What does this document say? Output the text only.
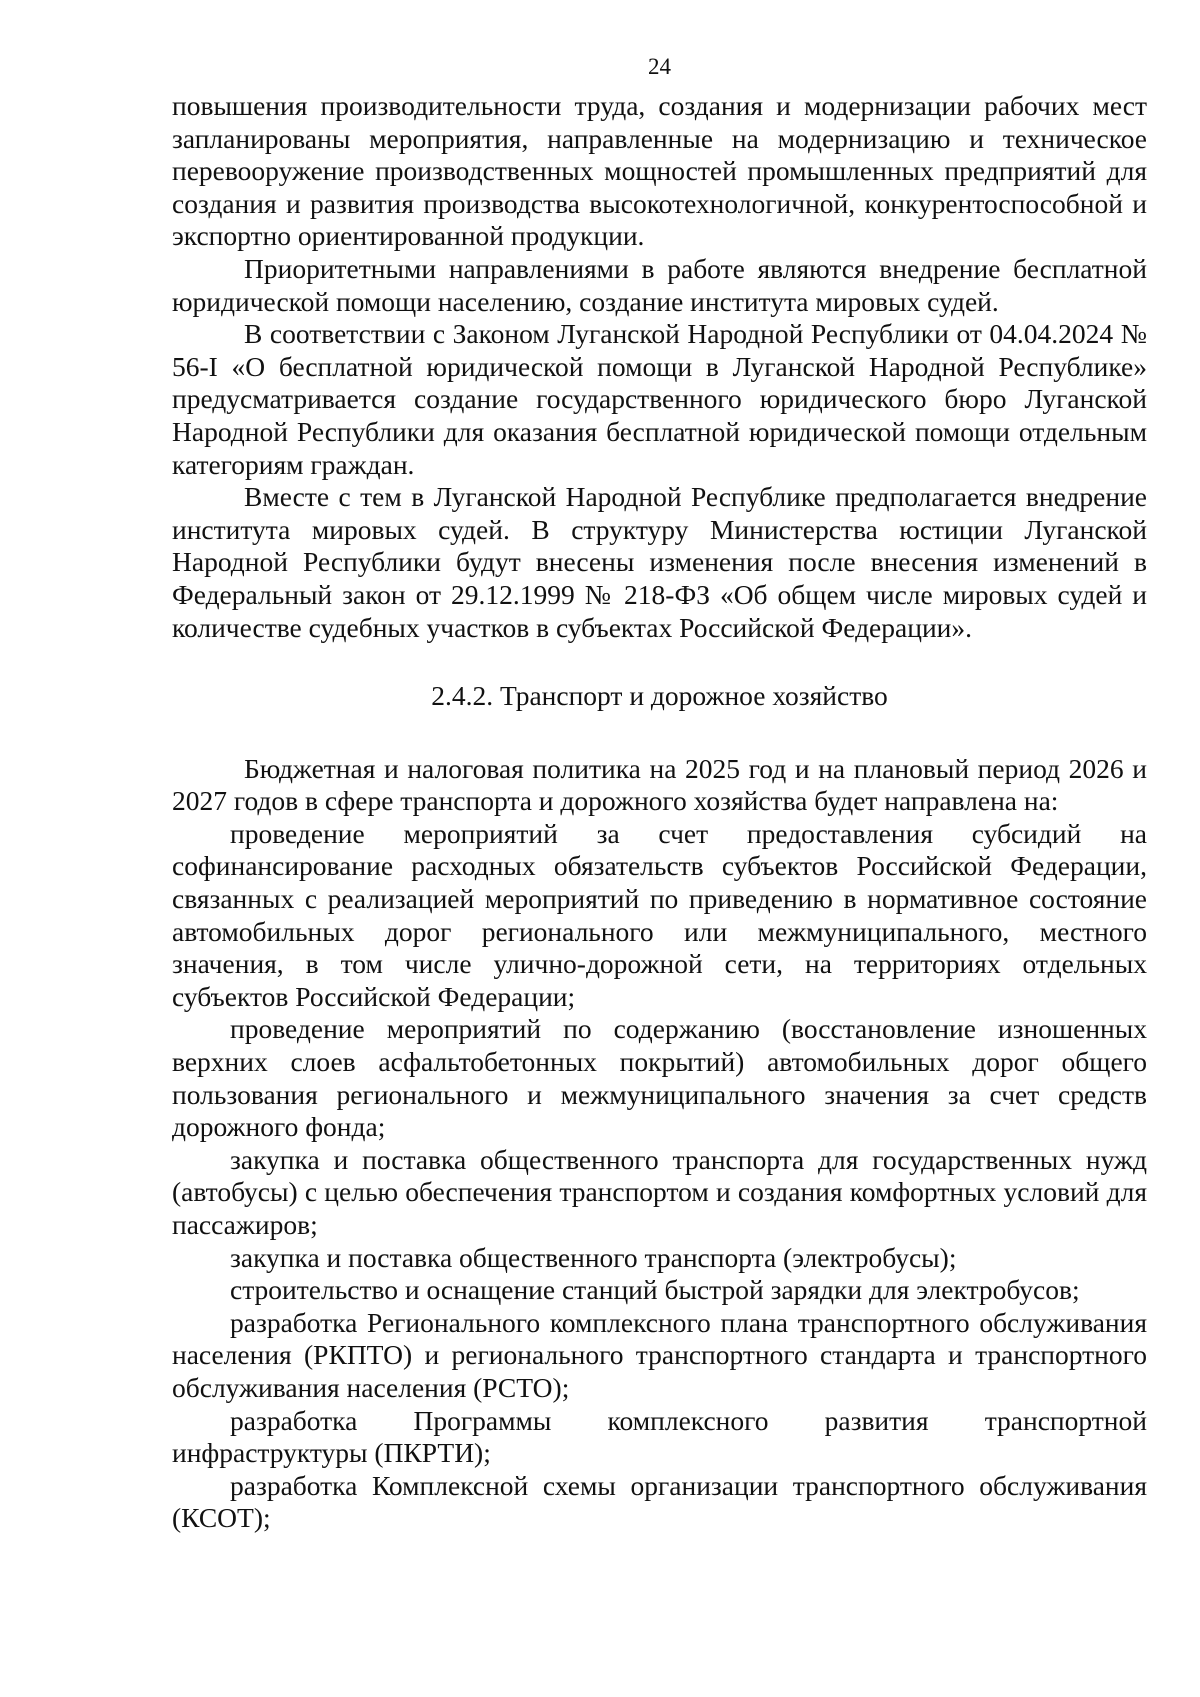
24

повышения производительности труда, создания и модернизации рабочих мест запланированы мероприятия, направленные на модернизацию и техническое перевооружение производственных мощностей промышленных предприятий для создания и развития производства высокотехнологичной, конкурентоспособной и экспортно ориентированной продукции.

Приоритетными направлениями в работе являются внедрение бесплатной юридической помощи населению, создание института мировых судей.

В соответствии с Законом Луганской Народной Республики от 04.04.2024 № 56-I «О бесплатной юридической помощи в Луганской Народной Республике» предусматривается создание государственного юридического бюро Луганской Народной Республики для оказания бесплатной юридической помощи отдельным категориям граждан.

Вместе с тем в Луганской Народной Республике предполагается внедрение института мировых судей. В структуру Министерства юстиции Луганской Народной Республики будут внесены изменения после внесения изменений в Федеральный закон от 29.12.1999 № 218-ФЗ «Об общем числе мировых судей и количестве судебных участков в субъектах Российской Федерации».

2.4.2. Транспорт и дорожное хозяйство

Бюджетная и налоговая политика на 2025 год и на плановый период 2026 и 2027 годов в сфере транспорта и дорожного хозяйства будет направлена на:

проведение мероприятий за счет предоставления субсидий на софинансирование расходных обязательств субъектов Российской Федерации, связанных с реализацией мероприятий по приведению в нормативное состояние автомобильных дорог регионального или межмуниципального, местного значения, в том числе улично-дорожной сети, на территориях отдельных субъектов Российской Федерации;

проведение мероприятий по содержанию (восстановление изношенных верхних слоев асфальтобетонных покрытий) автомобильных дорог общего пользования регионального и межмуниципального значения за счет средств дорожного фонда;

закупка и поставка общественного транспорта для государственных нужд (автобусы) с целью обеспечения транспортом и создания комфортных условий для пассажиров;

закупка и поставка общественного транспорта (электробусы);

строительство и оснащение станций быстрой зарядки для электробусов;

разработка Регионального комплексного плана транспортного обслуживания населения (РКПТО) и регионального транспортного стандарта и транспортного обслуживания населения (РСТО);

разработка Программы комплексного развития транспортной инфраструктуры (ПКРТИ);

разработка Комплексной схемы организации транспортного обслуживания (КСОТ);
